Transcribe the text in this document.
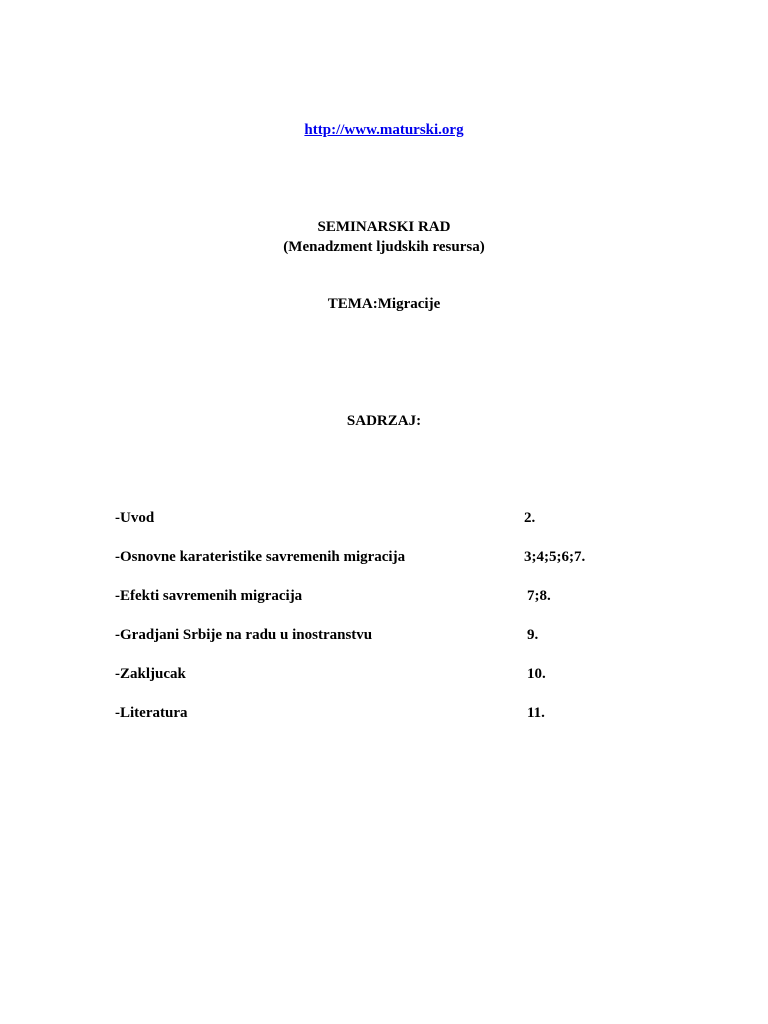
http://www.maturski.org
SEMINARSKI RAD
(Menadzment ljudskih resursa)
TEMA:Migracije
SADRZAJ:
-Uvod	2.
-Osnovne karateristike savremenih migracija	3;4;5;6;7.
-Efekti savremenih migracija	7;8.
-Gradjani Srbije na radu u inostranstvu	9.
-Zakljucak	10.
-Literatura	11.
